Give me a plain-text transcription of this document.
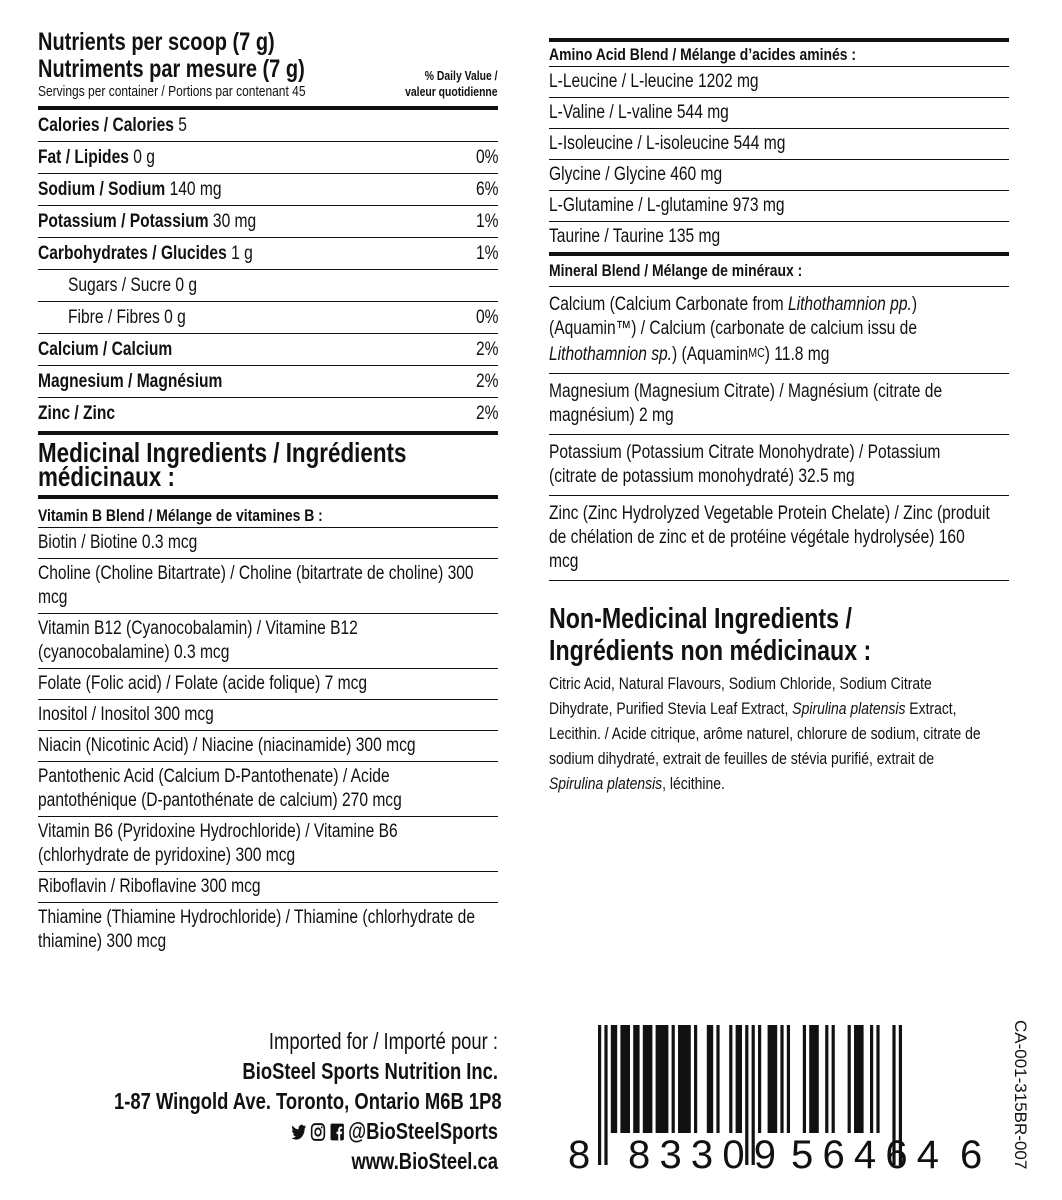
Nutrients per scoop (7 g)
Nutriments par mesure (7 g)
Servings per container / Portions par contenant 45
% Daily Value /
valeur quotidienne
Calories / Calories 5
Fat / Lipides 0 g	0%
Sodium / Sodium 140 mg	6%
Potassium / Potassium 30 mg	1%
Carbohydrates / Glucides 1 g	1%
Sugars / Sucre 0 g
Fibre / Fibres 0 g	0%
Calcium / Calcium	2%
Magnesium / Magnésium	2%
Zinc / Zinc	2%
Medicinal Ingredients / Ingrédients
médicinaux :
Vitamin B Blend / Mélange de vitamines B :
Biotin / Biotine 0.3 mcg
Choline (Choline Bitartrate) / Choline (bitartrate de choline) 300 mcg
Vitamin B12 (Cyanocobalamin) / Vitamine B12 (cyanocobalamine) 0.3 mcg
Folate (Folic acid) / Folate (acide folique) 7 mcg
Inositol / Inositol 300 mcg
Niacin (Nicotinic Acid) / Niacine (niacinamide) 300 mcg
Pantothenic Acid (Calcium D-Pantothenate) / Acide pantothénique (D-pantothénate de calcium) 270 mcg
Vitamin B6 (Pyridoxine Hydrochloride) / Vitamine B6 (chlorhydrate de pyridoxine) 300 mcg
Riboflavin / Riboflavine 300 mcg
Thiamine (Thiamine Hydrochloride) / Thiamine (chlorhydrate de thiamine) 300 mcg
Amino Acid Blend / Mélange d’acides aminés :
L-Leucine / L-leucine 1202 mg
L-Valine / L-valine 544 mg
L-Isoleucine / L-isoleucine 544 mg
Glycine / Glycine 460 mg
L-Glutamine / L-glutamine 973 mg
Taurine / Taurine 135 mg
Mineral Blend / Mélange de minéraux :
Calcium (Calcium Carbonate from Lithothamnion pp.) (Aquamin™) / Calcium (carbonate de calcium issu de Lithothamnion sp.) (AquaminMC) 11.8 mg
Magnesium (Magnesium Citrate) / Magnésium (citrate de magnésium) 2 mg
Potassium (Potassium Citrate Monohydrate) / Potassium (citrate de potassium monohydraté) 32.5 mg
Zinc (Zinc Hydrolyzed Vegetable Protein Chelate) / Zinc (produit de chélation de zinc et de protéine végétale hydrolysée) 160 mcg
Non-Medicinal Ingredients /
Ingrédients non médicinaux :
Citric Acid, Natural Flavours, Sodium Chloride, Sodium Citrate Dihydrate, Purified Stevia Leaf Extract, Spirulina platensis Extract, Lecithin. / Acide citrique, arôme naturel, chlorure de sodium, citrate de sodium dihydraté, extrait de feuilles de stévia purifié, extrait de Spirulina platensis, lécithine.
Imported for / Importé pour :
BioSteel Sports Nutrition Inc.
1-87 Wingold Ave. Toronto, Ontario M6B 1P8
@BioSteelSports
www.BioSteel.ca 8 83309 56464 6 CA-001-315BR-007
